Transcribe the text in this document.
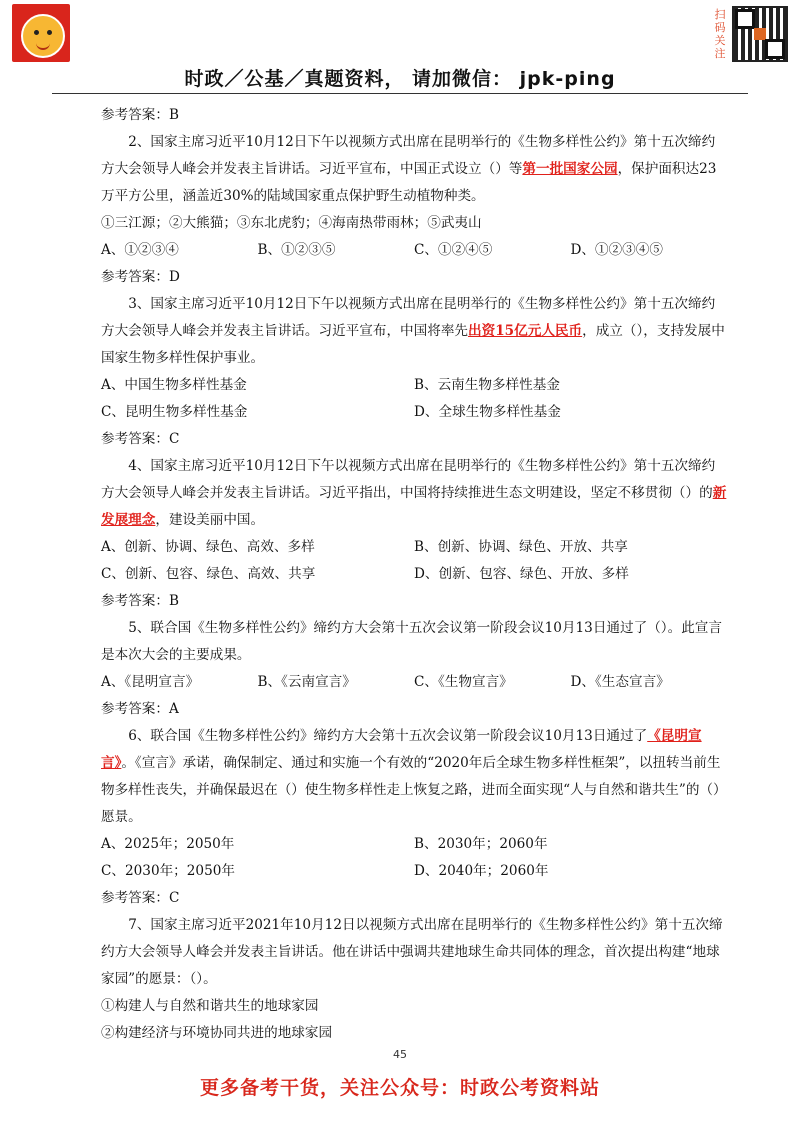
扫码关注
时政／公基／真题资料， 请加微信： jpk-ping

参考答案：B

2、国家主席习近平10月12日下午以视频方式出席在昆明举行的《生物多样性公约》第十五次缔约方大会领导人峰会并发表主旨讲话。习近平宣布，中国正式设立（）等第一批国家公园，保护面积达23万平方公里，涵盖近30%的陆域国家重点保护野生动植物种类。

①三江源；②大熊猫；③东北虎豹；④海南热带雨林；⑤武夷山

A、①②③④	B、①②③⑤	C、①②④⑤	D、①②③④⑤

参考答案：D

3、国家主席习近平10月12日下午以视频方式出席在昆明举行的《生物多样性公约》第十五次缔约方大会领导人峰会并发表主旨讲话。习近平宣布，中国将率先出资15亿元人民币，成立（），支持发展中国家生物多样性保护事业。

A、中国生物多样性基金	B、云南生物多样性基金
C、昆明生物多样性基金	D、全球生物多样性基金

参考答案：C

4、国家主席习近平10月12日下午以视频方式出席在昆明举行的《生物多样性公约》第十五次缔约方大会领导人峰会并发表主旨讲话。习近平指出，中国将持续推进生态文明建设，坚定不移贯彻（）的新发展理念，建设美丽中国。

A、创新、协调、绿色、高效、多样	B、创新、协调、绿色、开放、共享
C、创新、包容、绿色、高效、共享	D、创新、包容、绿色、开放、多样

参考答案：B

5、联合国《生物多样性公约》缔约方大会第十五次会议第一阶段会议10月13日通过了（）。此宣言是本次大会的主要成果。

A、《昆明宣言》	B、《云南宣言》	C、《生物宣言》	D、《生态宣言》

参考答案：A

6、联合国《生物多样性公约》缔约方大会第十五次会议第一阶段会议10月13日通过了《昆明宣言》。《宣言》承诺，确保制定、通过和实施一个有效的“2020年后全球生物多样性框架”，以扭转当前生物多样性丧失，并确保最迟在（）使生物多样性走上恢复之路，进而全面实现“人与自然和谐共生”的（）愿景。

A、2025年；2050年	B、2030年；2060年
C、2030年；2050年	D、2040年；2060年

参考答案：C

7、国家主席习近平2021年10月12日以视频方式出席在昆明举行的《生物多样性公约》第十五次缔约方大会领导人峰会并发表主旨讲话。他在讲话中强调共建地球生命共同体的理念，首次提出构建“地球家园”的愿景：（）。

①构建人与自然和谐共生的地球家园

②构建经济与环境协同共进的地球家园

45
更多备考干货，关注公众号：时政公考资料站
